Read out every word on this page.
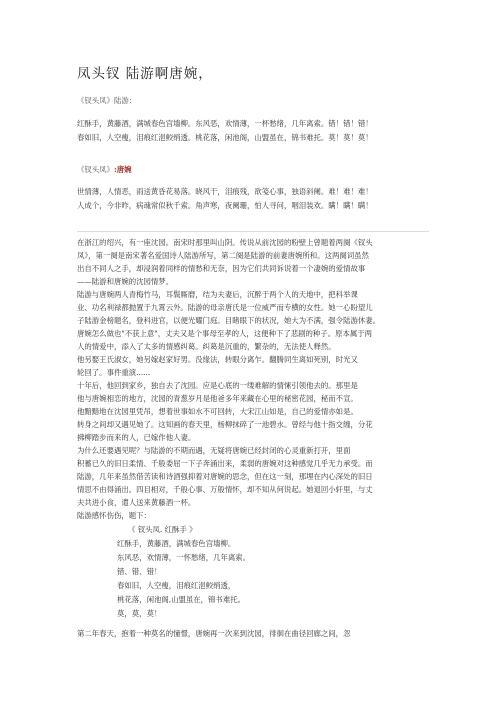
凤头钗 陆游啊唐婉，
《钗头凤》陆游：
红酥手，黄藤酒，满城春色宫墙柳。东风恶，欢情薄，一杯愁绪，几年离索。错！错！错！
春如旧，人空瘦，泪痕红浥鲛绡透。桃花落，闲池阁，山盟虽在，锦书难托。莫！莫！莫！
《钗头凤》:唐婉
世情薄，人情恶，雨送黄昏花易落。晓风干，泪痕残，欲笺心事，独语斜阑。难！难！难！
人成个，今非昨，病魂常似秋千索。角声寒，夜阑珊，怕人寻问，咽泪装欢。瞒！瞒！瞒！
在浙江的绍兴，有一座沈园。南宋时那里叫山阴。传说从前沈园的粉壁上曾题着两阕《钗头
凤》，第一阕是南宋著名爱国诗人陆游所写，第二阕是陆游的前妻唐婉所和。这两阕词虽然
出自不同人之手，却浸润着同样的情愁和无奈，因为它们共同诉说着一个凄婉的爱情故事
——陆游和唐婉的沈园情梦。
陆游与唐婉两人青梅竹马，耳鬓厮磨，结为夫妻后，沉醉于两个人的天地中，把科举课
业、功名利禄都抛置于九霄云外。陆游的母亲唐氏是一位威严而专横的女性。她一心盼望儿
子陆游金榜题名，登科进官，以便光耀门庭。目睹眼下的状况，她大为不满，强令陆游休妻。
唐婉怎么做也"不获上意"，丈夫又是个事母至孝的人，这便种下了悲剧的种子。原本属于两
人的情爱中，添入了太多的情感纠葛。纠葛是沉重的，繁杂的，无法使人释然。
他另娶王氏淑女，她另嫁赵家好男。没缘法，转眼分离乍。翻腾同生离如死别，时光又
轮回了。事件重演......
十年后，他回到家乡，独自去了沈园。应是心底的一缕难解的情愫引领他去的。那里是
他与唐婉相恋的地方，沈园的青葱岁月是他爸多年来藏在心里的秘密花园，秘而不宣。
他黯黯地在沈园里凭吊，想着世事如水不可回转，大宋江山如是，自己的爱情亦如是。
转身之间却又遇见她了。这知画的春天里，杨柳抹碎了一池碧水。曾经与他十指交缠，分花
拂柳踏步而来的人，已嫁作他人妻。
为什么还要遇见呢？与陆游的不期而遇，无疑将唐婉已经封闭的心灵重新打开，里面
积蓄已久的旧日柔情、千般委屈一下子奔涌出来，柔弱的唐婉对这种感觉几乎无力承受。而
陆游，几年来虽然借苦读和诗酒强抑着对唐婉的思念，但在这一刻，那埋在内心深处的旧日
情思不由得涌出。四目相对，千般心事、万般情怀，却不知从何说起。她退回小轩里，与丈
夫共进小食，遣人送来黄藤酒一杯。
陆游感怀伤伤，题下：
《 钗头凤. 红酥手 》
红酥手，黄藤酒，满城春色宫墙柳。
东风恶，欢情薄，一怀愁绪，几年离索。
错、错、错！
春如旧，人空瘦，泪痕红浥鲛绡透，
桃花落，闲池阁,山盟虽在，锦书难托。
莫，莫，莫！
第二年春天，抱着一种莫名的憧憬，唐婉再一次来到沈园，徘徊在曲径回廊之间，忽
